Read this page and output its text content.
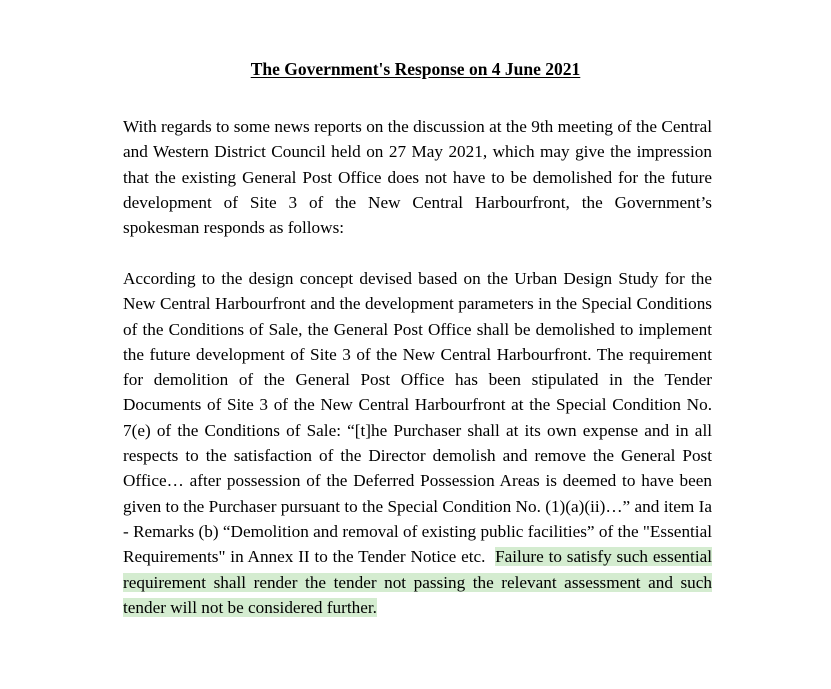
The Government's Response on 4 June 2021

With regards to some news reports on the discussion at the 9th meeting of the Central and Western District Council held on 27 May 2021, which may give the impression that the existing General Post Office does not have to be demolished for the future development of Site 3 of the New Central Harbourfront, the Government’s spokesman responds as follows:

According to the design concept devised based on the Urban Design Study for the New Central Harbourfront and the development parameters in the Special Conditions of the Conditions of Sale, the General Post Office shall be demolished to implement the future development of Site 3 of the New Central Harbourfront. The requirement for demolition of the General Post Office has been stipulated in the Tender Documents of Site 3 of the New Central Harbourfront at the Special Condition No. 7(e) of the Conditions of Sale: “[t]he Purchaser shall at its own expense and in all respects to the satisfaction of the Director demolish and remove the General Post Office… after possession of the Deferred Possession Areas is deemed to have been given to the Purchaser pursuant to the Special Condition No. (1)(a)(ii)…” and item Ia - Remarks (b) “Demolition and removal of existing public facilities” of the "Essential Requirements" in Annex II to the Tender Notice etc. Failure to satisfy such essential requirement shall render the tender not passing the relevant assessment and such tender will not be considered further.
